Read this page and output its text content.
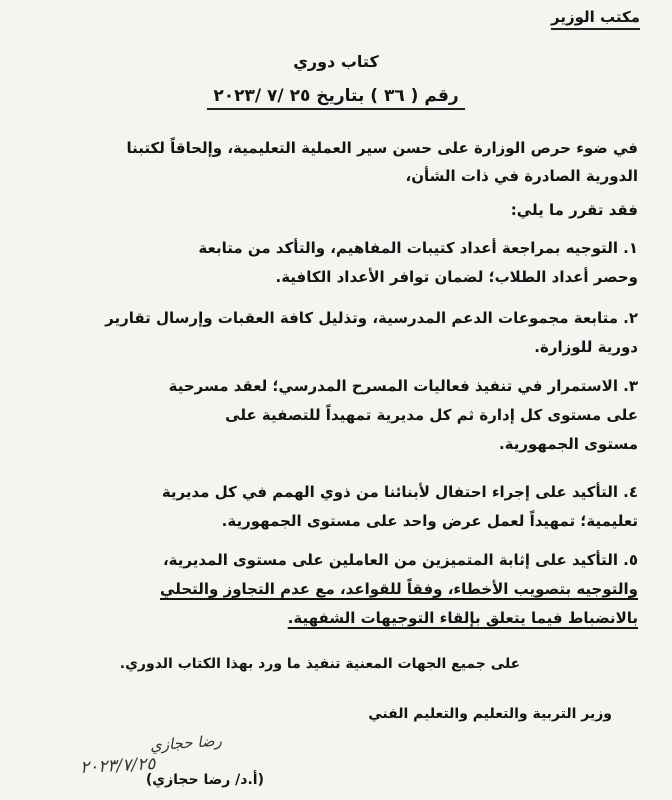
مكتب الوزير
كتاب دوري
رقم ( ٣٦ ) بتاريخ ٢٥ /٧ /٢٠٢٣
في ضوء حرص الوزارة على حسن سير العملية التعليمية، وإلحاقاً لكتبنا
الدورية الصادرة في ذات الشأن،
فقد تقرر ما يلي:
١.التوجيه بمراجعة أعداد كتيبات المفاهيم، والتأكد من متابعة
وحصر أعداد الطلاب؛ لضمان توافر الأعداد الكافية.
٢.متابعة مجموعات الدعم المدرسية، وتذليل كافة العقبات وإرسال تقارير
دورية للوزارة.
٣.الاستمرار في تنفيذ فعاليات المسرح المدرسي؛ لعقد مسرحية
على مستوى كل إدارة ثم كل مديرية تمهيداً للتصفية على
مستوى الجمهورية.
٤.التأكيد على إجراء احتفال لأبنائنا من ذوي الهمم في كل مديرية
تعليمية؛ تمهيداً لعمل عرض واحد على مستوى الجمهورية.
٥.التأكيد على إثابة المتميزين من العاملين على مستوى المديرية،
والتوجيه بتصويب الأخطاء، وفقاً للقواعد، مع عدم التجاوز والتحلي
بالانضباط فيما يتعلق بإلقاء التوجيهات الشفهية.
على جميع الجهات المعنية تنفيذ ما ورد بهذا الكتاب الدوري.
وزير التربية والتعليم والتعليم الفني
رضا حجازي
٢٠٢٣/٧/٢٥
(أ.د/ رضا حجازي)
